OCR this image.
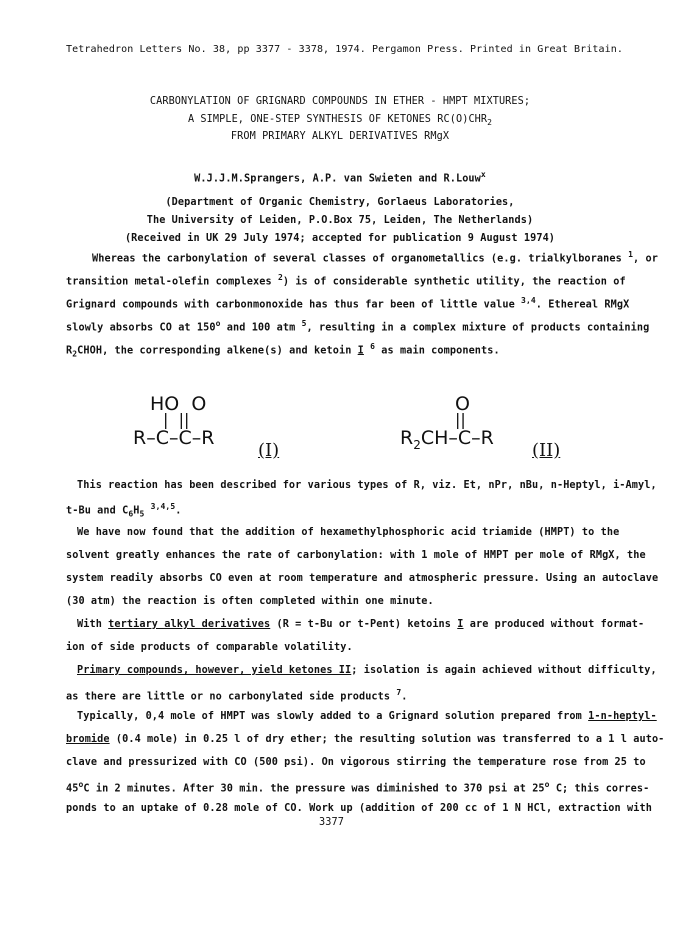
Tetrahedron Letters No. 38, pp 3377 - 3378, 1974. Pergamon Press. Printed in Great Britain.
CARBONYLATION OF GRIGNARD COMPOUNDS IN ETHER - HMPT MIXTURES;
A SIMPLE, ONE-STEP SYNTHESIS OF KETONES $RC(O)CHR_2$
FROM PRIMARY ALKYL DERIVATIVES RMgX
W.J.J.M.Sprangers, A.P. van Swieten and R.Louw$^x$
(Department of Organic Chemistry, Gorlaeus Laboratories,
The University of Leiden, P.O.Box 75, Leiden, The Netherlands)
(Received in UK 29 July 1974; accepted for publication 9 August 1974)
Whereas the carbonylation of several classes of organometallics (e.g. trialkylboranes $^1$, or
transition metal-olefin complexes $^2$) is of considerable synthetic utility, the reaction of
Grignard compounds with carbonmonoxide has thus far been of little value $^{3,4}$. Ethereal RMgX
slowly absorbs CO at 150$^o$ and 100 atm $^5$, resulting in a complex mixture of products containing
$R_2CHOH$, the corresponding alkene(s) and ketoin I $^6$ as main components.
HO  O
|  ||
R–C–C–R
(I)
O
||
$R_2CH-C-R$
(II)
This reaction has been described for various types of R, viz. Et, nPr, nBu, n-Heptyl, i-Amyl,
t-Bu and $C_6H_5$ $^{3,4,5}$.
We have now found that the addition of hexamethylphosphoric acid triamide (HMPT) to the
solvent greatly enhances the rate of carbonylation: with 1 mole of HMPT per mole of RMgX, the
system readily absorbs CO even at room temperature and atmospheric pressure. Using an autoclave
(30 atm) the reaction is often completed within one minute.
With tertiary alkyl derivatives (R = t-Bu or t-Pent) ketoins I are produced without format-
ion of side products of comparable volatility.
Primary compounds, however, yield ketones II; isolation is again achieved without difficulty,
as there are little or no carbonylated side products $^7$.
Typically, 0,4 mole of HMPT was slowly added to a Grignard solution prepared from 1-n-heptyl-
bromide (0.4 mole) in 0.25 l of dry ether; the resulting solution was transferred to a 1 l auto-
clave and pressurized with CO (500 psi). On vigorous stirring the temperature rose from 25 to
45$^o$C in 2 minutes. After 30 min. the pressure was diminished to 370 psi at 25$^o$ C; this corres-
ponds to an uptake of 0.28 mole of CO. Work up (addition of 200 cc of 1 N HCl, extraction with
3377
